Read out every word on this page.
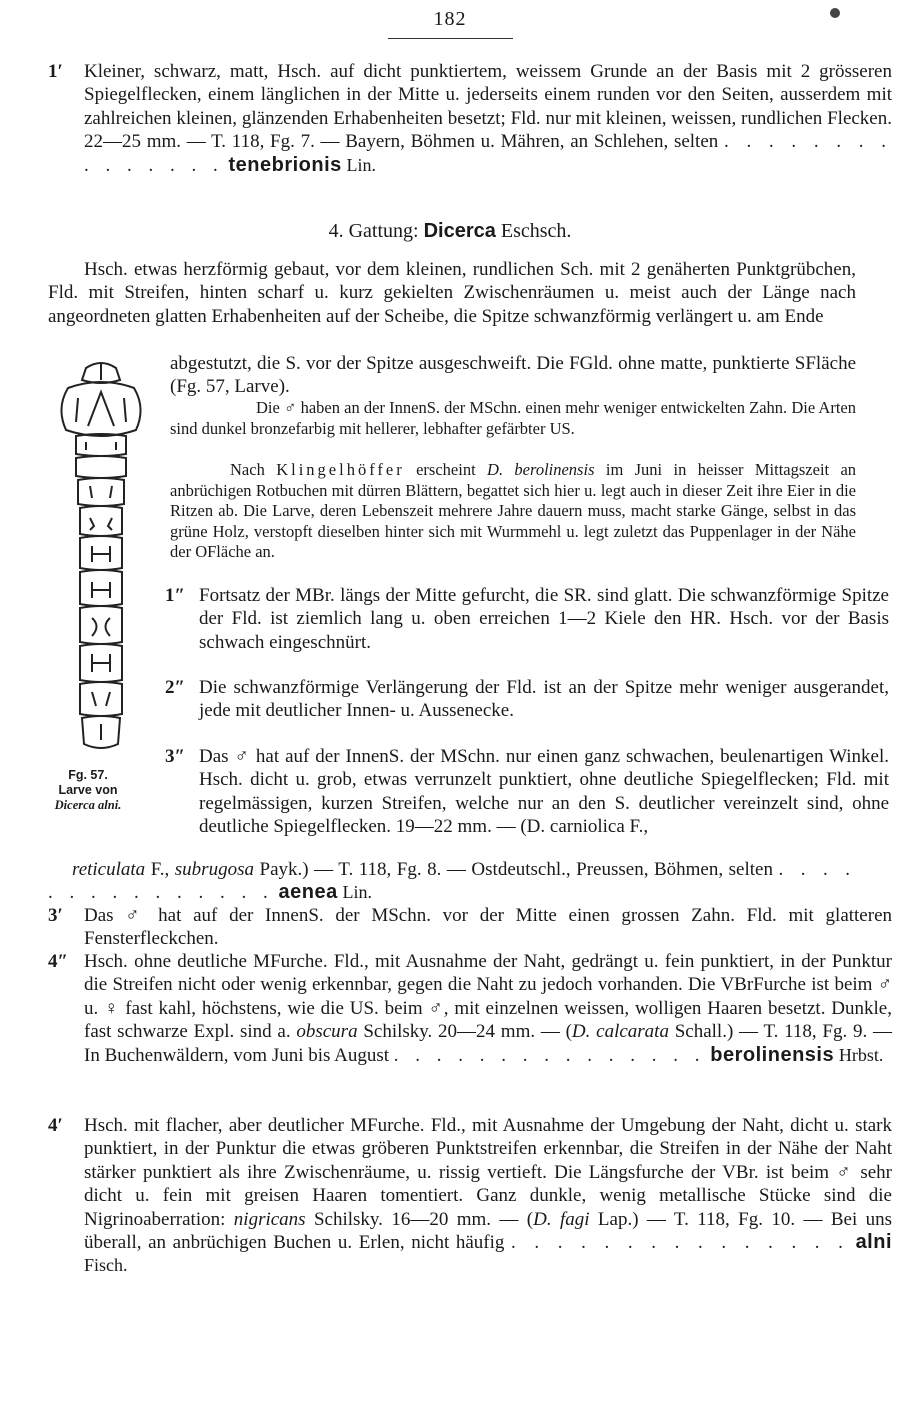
182
1′ Kleiner, schwarz, matt, Hsch. auf dicht punktiertem, weissem Grunde an der Basis mit 2 grösseren Spiegelflecken, einem länglichen in der Mitte u. jederseits einem runden vor den Seiten, ausserdem mit zahlreichen kleinen, glänzenden Erhabenheiten besetzt; Fld. nur mit kleinen, weissen, rundlichen Flecken. 22—25 mm. — T. 118, Fg. 7. — Bayern, Böhmen u. Mähren, an Schlehen, selten . . . . . . . . . . . . . . . tenebrionis Lin.
4. Gattung: Dicerca Eschsch.
Hsch. etwas herzförmig gebaut, vor dem kleinen, rundlichen Sch. mit 2 genäherten Punktgrübchen, Fld. mit Streifen, hinten scharf u. kurz gekielten Zwischenräumen u. meist auch der Länge nach angeordneten glatten Erhabenheiten auf der Scheibe, die Spitze schwanzförmig verlängert u. am Ende
abgestutzt, die S. vor der Spitze ausgeschweift. Die FGld. ohne matte, punktierte SFläche (Fg. 57, Larve).
Die ♂ haben an der InnenS. der MSchn. einen mehr weniger entwickelten Zahn. Die Arten sind dunkel bronzefarbig mit hellerer, lebhafter gefärbter US.
Nach Klingelhöffer erscheint D. berolinensis im Juni in heisser Mittagszeit an anbrüchigen Rotbuchen mit dürren Blättern, begattet sich hier u. legt auch in dieser Zeit ihre Eier in die Ritzen ab. Die Larve, deren Lebenszeit mehrere Jahre dauern muss, macht starke Gänge, selbst in das grüne Holz, verstopft dieselben hinter sich mit Wurmmehl u. legt zuletzt das Puppenlager in der Nähe der OFläche an.
1″ Fortsatz der MBr. längs der Mitte gefurcht, die SR. sind glatt. Die schwanzförmige Spitze der Fld. ist ziemlich lang u. oben erreichen 1—2 Kiele den HR. Hsch. vor der Basis schwach eingeschnürt.
2″ Die schwanzförmige Verlängerung der Fld. ist an der Spitze mehr weniger ausgerandet, jede mit deutlicher Innen- u. Aussenecke.
3″ Das ♂ hat auf der InnenS. der MSchn. nur einen ganz schwachen, beulenartigen Winkel. Hsch. dicht u. grob, etwas verrunzelt punktiert, ohne deutliche Spiegelflecken; Fld. mit regelmässigen, kurzen Streifen, welche nur an den S. deutlicher vereinzelt sind, ohne deutliche Spiegelflecken. 19—22 mm. — (D. carniolica F.,
reticulata F., subrugosa Payk.) — T. 118, Fg. 8. — Ostdeutschl., Preussen, Böhmen, selten . . . . . . . . . . . . . . . aenea Lin.
3′ Das ♂ hat auf der InnenS. der MSchn. vor der Mitte einen grossen Zahn. Fld. mit glatteren Fensterfleckchen.
4″ Hsch. ohne deutliche MFurche. Fld., mit Ausnahme der Naht, gedrängt u. fein punktiert, in der Punktur die Streifen nicht oder wenig erkennbar, gegen die Naht zu jedoch vorhanden. Die VBrFurche ist beim ♂ u. ♀ fast kahl, höchstens, wie die US. beim ♂, mit einzelnen weissen, wolligen Haaren besetzt. Dunkle, fast schwarze Expl. sind a. obscura Schilsky. 20—24 mm. — (D. calcarata Schall.) — T. 118, Fg. 9. — In Buchenwäldern, vom Juni bis August . . . . . . . . . . . . . . . berolinensis Hrbst.
4′ Hsch. mit flacher, aber deutlicher MFurche. Fld., mit Ausnahme der Umgebung der Naht, dicht u. stark punktiert, in der Punktur die etwas gröberen Punktstreifen erkennbar, die Streifen in der Nähe der Naht stärker punktiert als ihre Zwischenräume, u. rissig vertieft. Die Längsfurche der VBr. ist beim ♂ sehr dicht u. fein mit greisen Haaren tomentiert. Ganz dunkle, wenig metallische Stücke sind die Nigrinoaberration: nigricans Schilsky. 16—20 mm. — (D. fagi Lap.) — T. 118, Fg. 10. — Bei uns überall, an anbrüchigen Buchen u. Erlen, nicht häufig . . . . . . . . . . . . . . . alni Fisch.
Fg. 57.
Larve von
Dicerca alni.
